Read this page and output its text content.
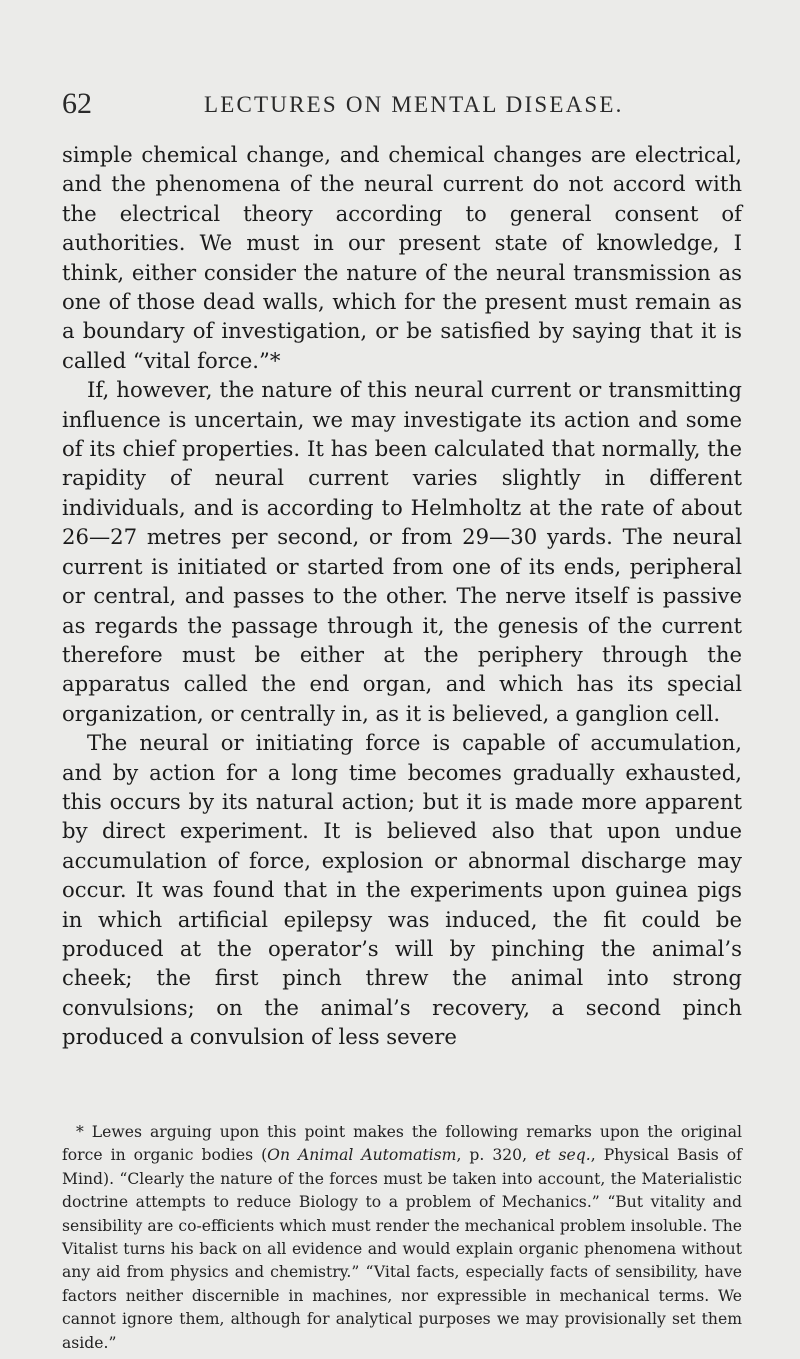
62	LECTURES ON MENTAL DISEASE.

simple chemical change, and chemical changes are electrical, and the phenomena of the neural current do not accord with the electrical theory according to general consent of authorities. We must in our present state of knowledge, I think, either consider the nature of the neural transmission as one of those dead walls, which for the present must remain as a boundary of investigation, or be satisfied by saying that it is called “vital force.”*

If, however, the nature of this neural current or transmitting influence is uncertain, we may investigate its action and some of its chief properties. It has been calculated that normally, the rapidity of neural current varies slightly in different individuals, and is according to Helmholtz at the rate of about 26—27 metres per second, or from 29—30 yards. The neural current is initiated or started from one of its ends, peripheral or central, and passes to the other. The nerve itself is passive as regards the passage through it, the genesis of the current therefore must be either at the periphery through the apparatus called the end organ, and which has its special organization, or centrally in, as it is believed, a ganglion cell.

The neural or initiating force is capable of accumulation, and by action for a long time becomes gradually exhausted, this occurs by its natural action; but it is made more apparent by direct experiment. It is believed also that upon undue accumulation of force, explosion or abnormal discharge may occur. It was found that in the experiments upon guinea pigs in which artificial epilepsy was induced, the fit could be produced at the operator’s will by pinching the animal’s cheek; the first pinch threw the animal into strong convulsions; on the animal’s recovery, a second pinch produced a convulsion of less severe

* Lewes arguing upon this point makes the following remarks upon the original force in organic bodies (On Animal Automatism, p. 320, et seq., Physical Basis of Mind). “Clearly the nature of the forces must be taken into account, the Materialistic doctrine attempts to reduce Biology to a problem of Mechanics.” “But vitality and sensibility are co-efficients which must render the mechanical problem insoluble. The Vitalist turns his back on all evidence and would explain organic phenomena without any aid from physics and chemistry.” “Vital facts, especially facts of sensibility, have factors neither discernible in machines, nor expressible in mechanical terms. We cannot ignore them, although for analytical purposes we may provisionally set them aside.”
